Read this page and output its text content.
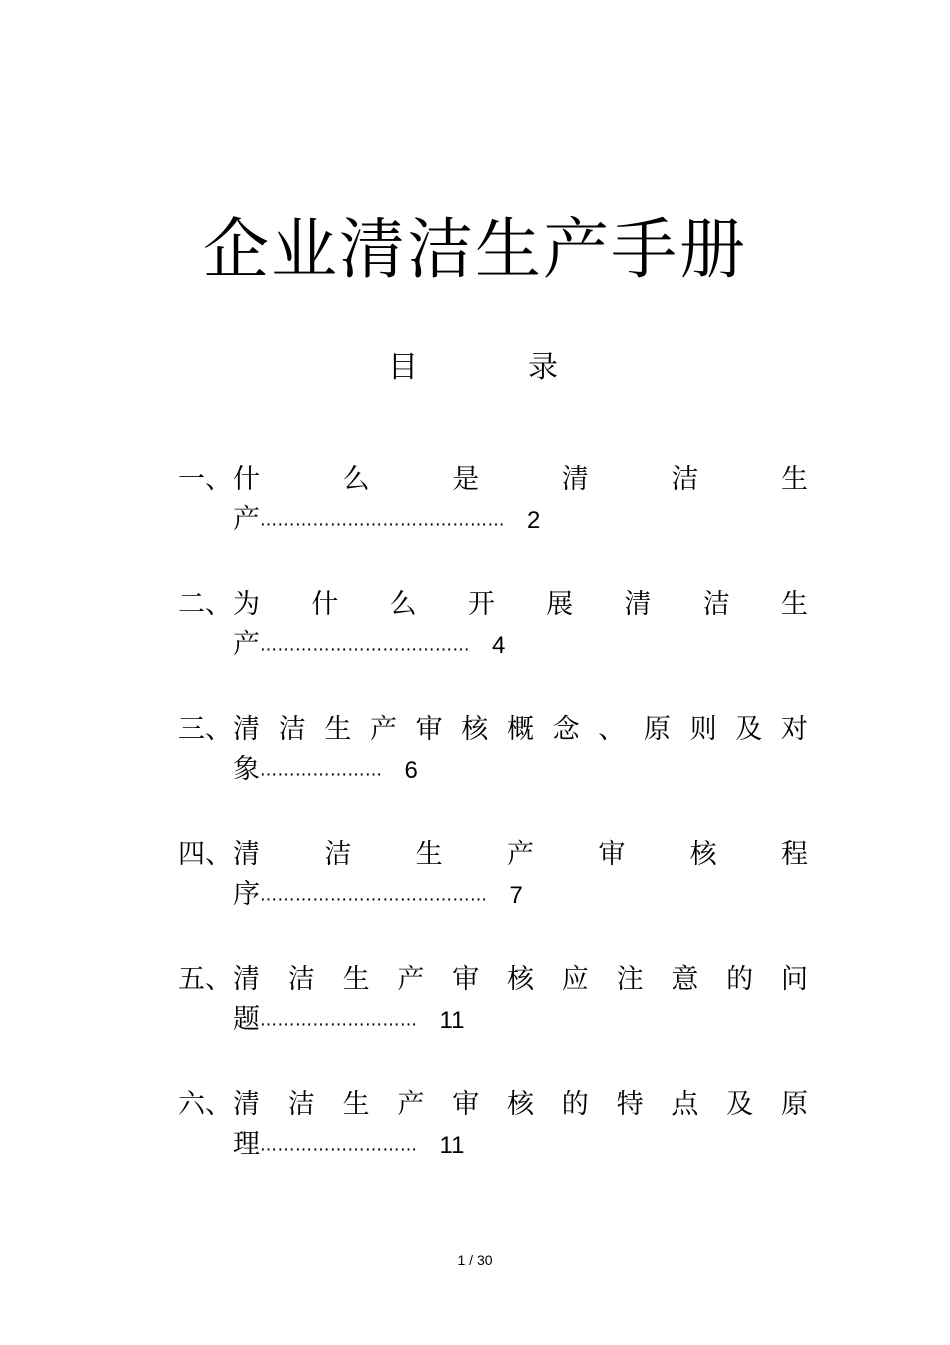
企业清洁生产手册
目	录
一、 什	么	是	清	洁	生
产…………………………………… 2
二、 为 什 么 开 展 清 洁 生
产……………………………… 4
三、 清 洁 生 产 审 核 概 念 、 原 则 及 对
象………………… 6
四、 清 洁 生 产 审 核 程
序………………………………… 7
五、 清 洁 生 产 审 核 应 注 意 的 问
题……………………… 11
六、 清 洁 生 产 审 核 的 特 点 及 原
理……………………… 11
1 / 30
